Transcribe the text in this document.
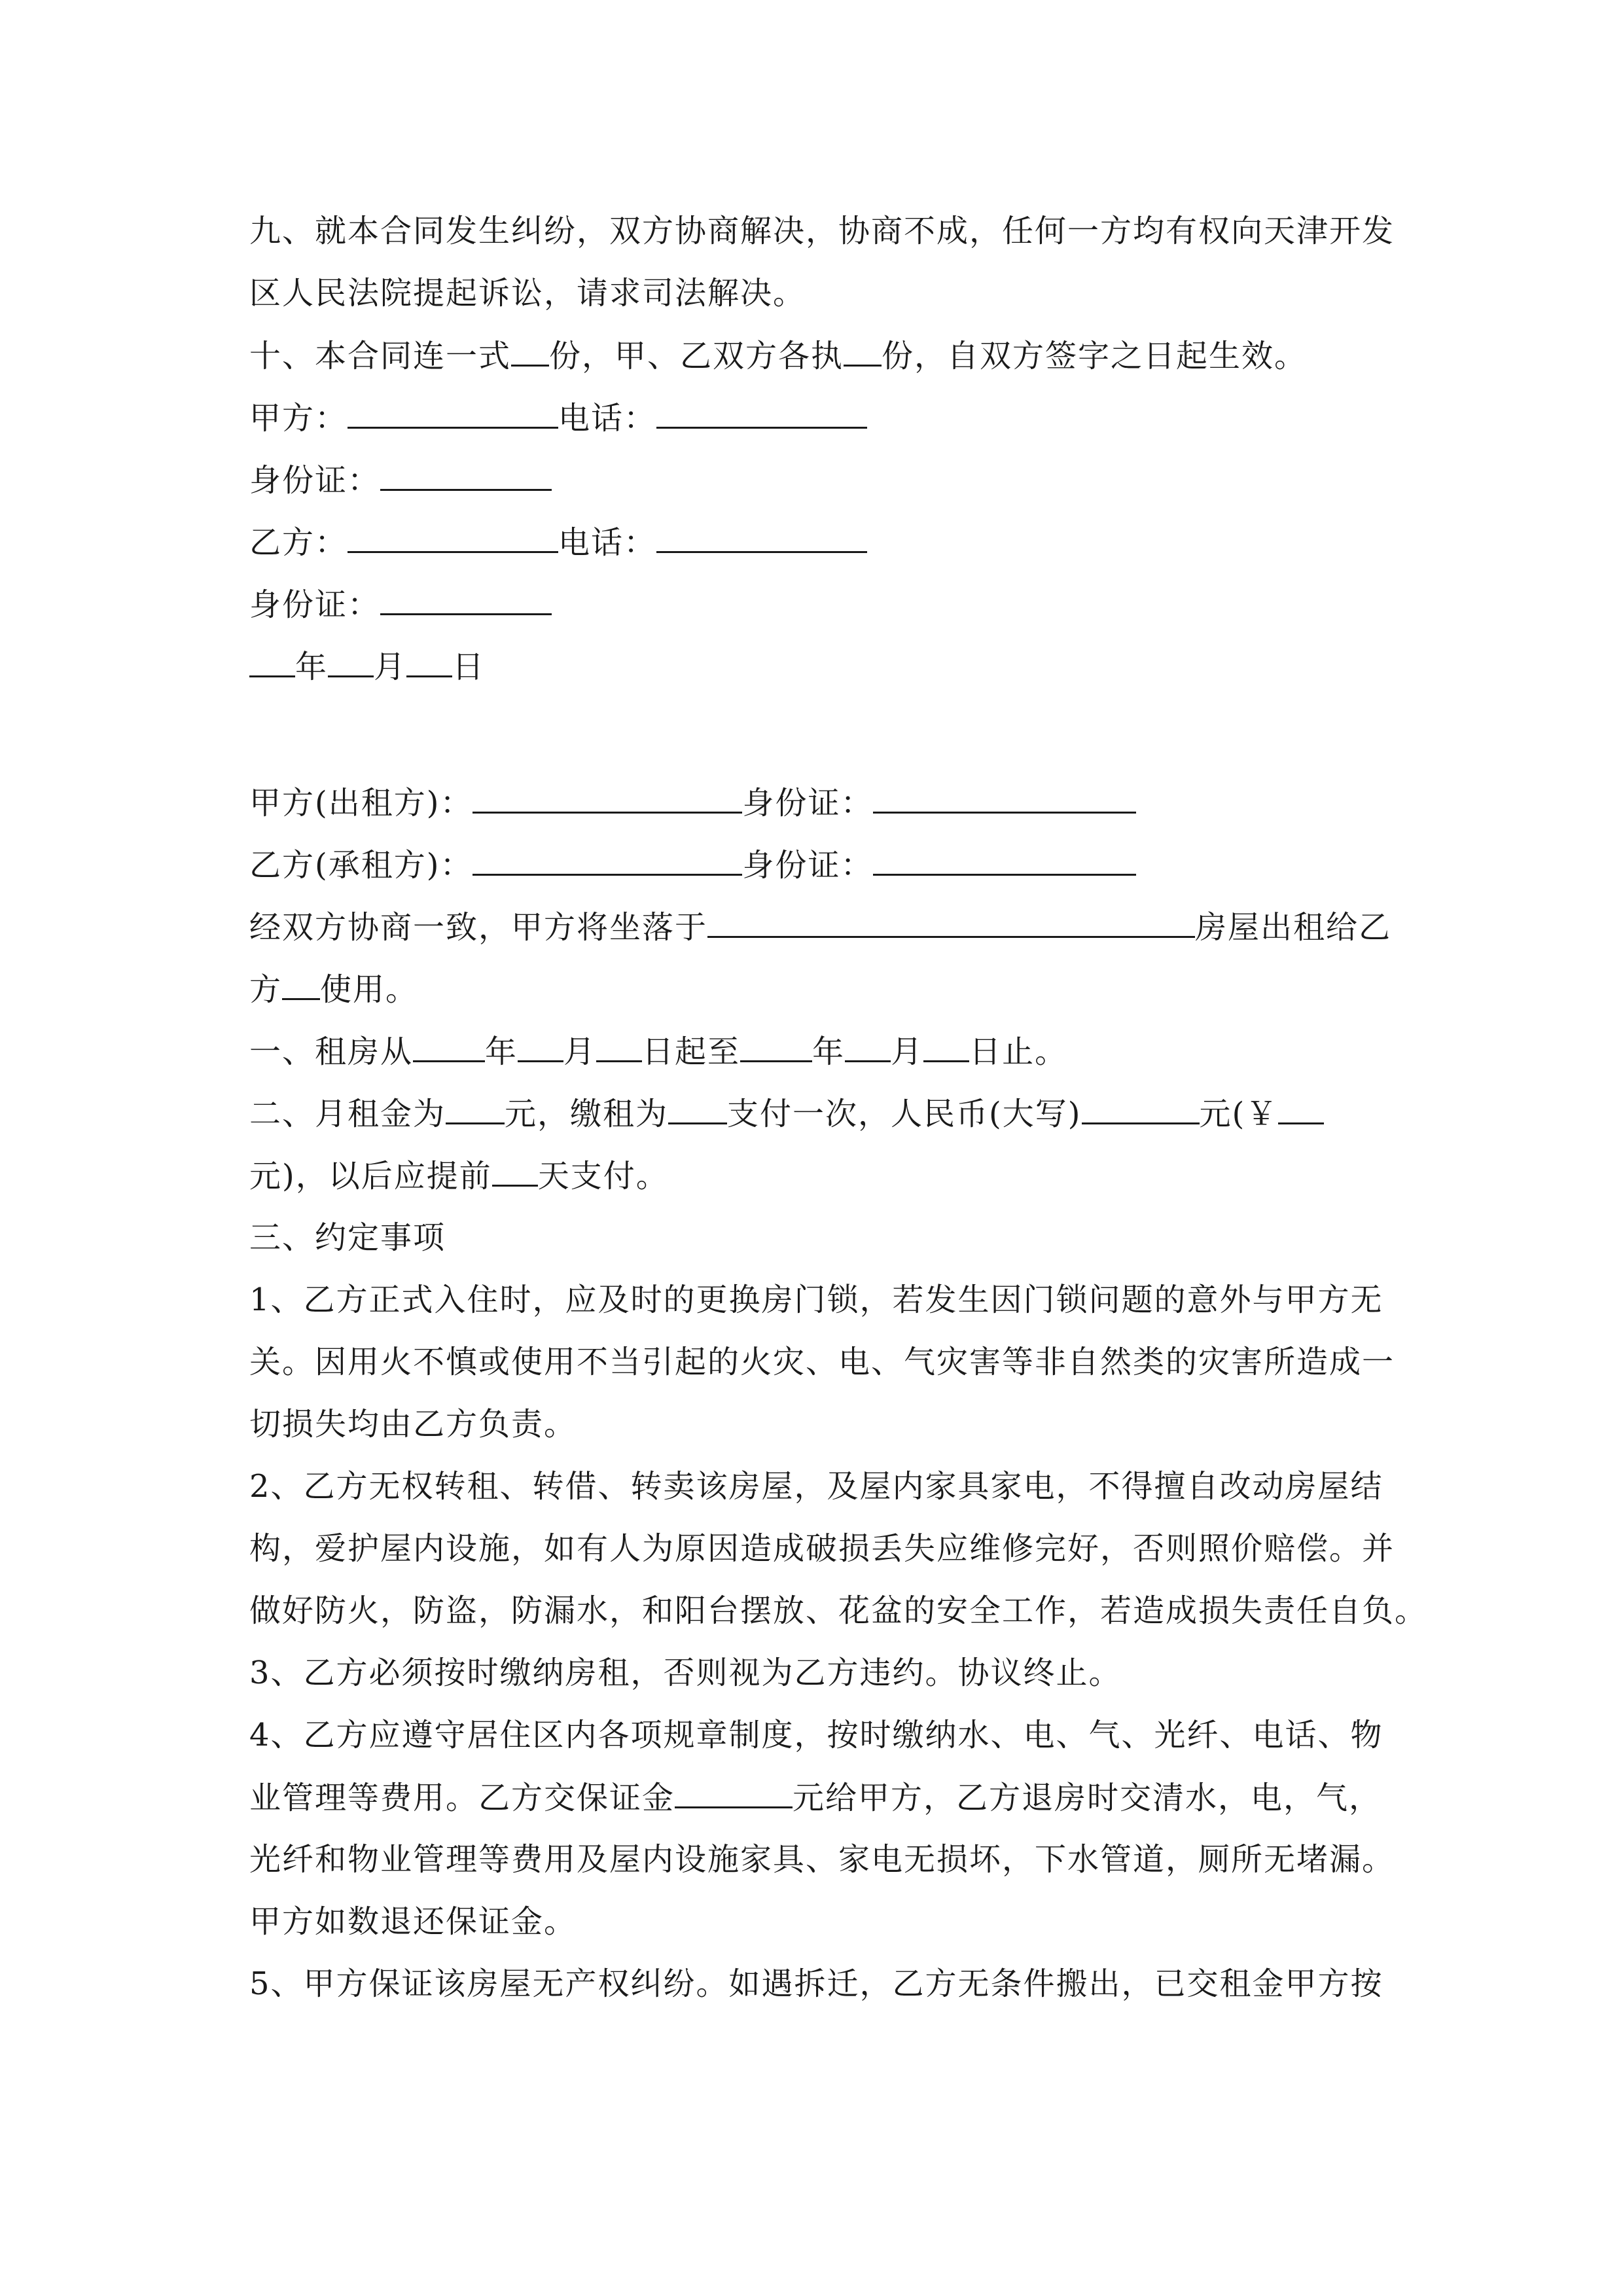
九、就本合同发生纠纷，双方协商解决，协商不成，任何一方均有权向天津开发
区人民法院提起诉讼，请求司法解决。
十、本合同连一式 份，甲、乙双方各执 份，自双方签字之日起生效。
甲方：	电话：
身份证：
乙方：	电话：
身份证：
年 月 日
甲方(出租方)：	身份证：
乙方(承租方)：	身份证：
经双方协商一致，甲方将坐落于	房屋出租给乙
方 使用。
一、租房从 年 月 日起至 年 月 日止。
二、月租金为 元，缴租为 支付一次，人民币(大写)	元(￥
元)，以后应提前 天支付。
三、约定事项
1、乙方正式入住时，应及时的更换房门锁，若发生因门锁问题的意外与甲方无
关。因用火不慎或使用不当引起的火灾、电、气灾害等非自然类的灾害所造成一
切损失均由乙方负责。
2、乙方无权转租、转借、转卖该房屋，及屋内家具家电，不得擅自改动房屋结
构，爱护屋内设施，如有人为原因造成破损丢失应维修完好，否则照价赔偿。并
做好防火，防盗，防漏水，和阳台摆放、花盆的安全工作，若造成损失责任自负。
3、乙方必须按时缴纳房租，否则视为乙方违约。协议终止。
4、乙方应遵守居住区内各项规章制度，按时缴纳水、电、气、光纤、电话、物
业管理等费用。乙方交保证金	元给甲方，乙方退房时交清水，电，气，
光纤和物业管理等费用及屋内设施家具、家电无损坏，下水管道，厕所无堵漏。
甲方如数退还保证金。
5、甲方保证该房屋无产权纠纷。如遇拆迁，乙方无条件搬出，已交租金甲方按
